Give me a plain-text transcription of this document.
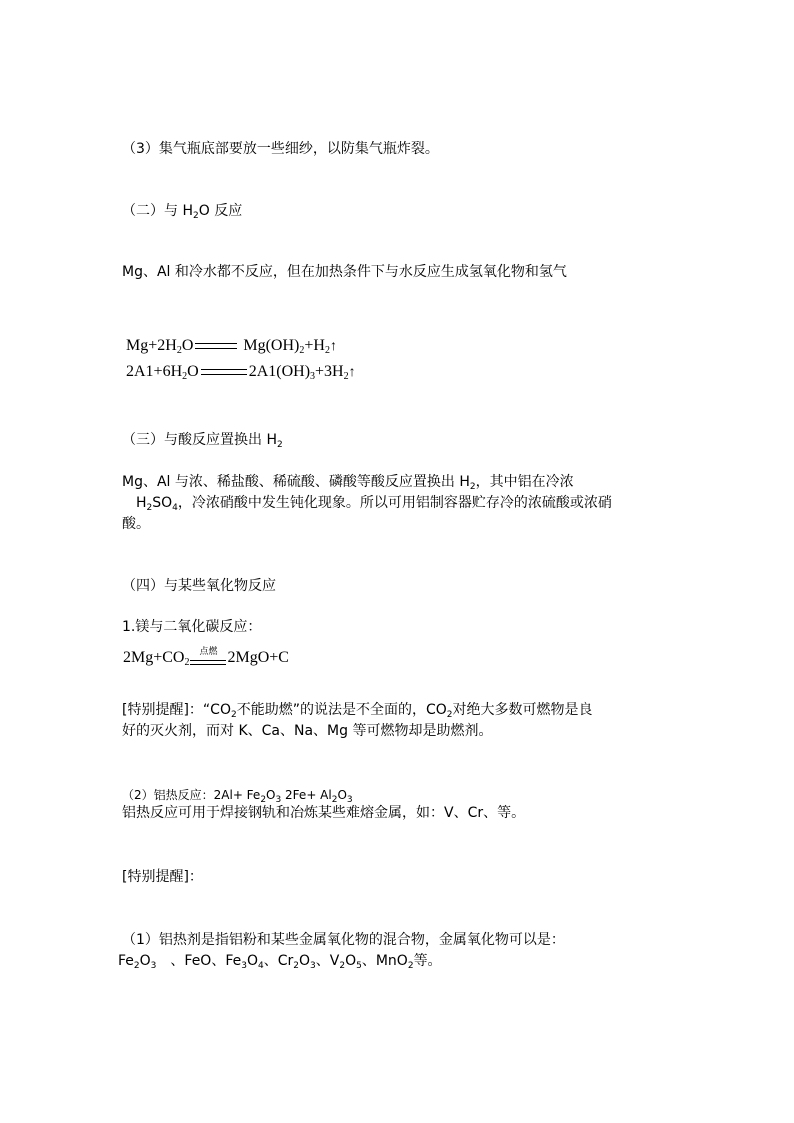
（3）集气瓶底部要放一些细纱，以防集气瓶炸裂。
（二）与 $H_2O$ 反应
Mg、Al 和冷水都不反应，但在加热条件下与水反应生成氢氧化物和氢气
$Mg+2H_2O$	$Mg(OH)_2+H_2↑$
$2A1+6H_2O$	$2A1(OH)_3+3H_2↑$
（三）与酸反应置换出 $H_2$
Mg、Al 与浓、稀盐酸、稀硫酸、磷酸等酸反应置换出 $H_2$，其中铝在冷浓
$H_2SO_4$，冷浓硝酸中发生钝化现象。所以可用铝制容器贮存冷的浓硫酸或浓硝
酸。
（四）与某些氧化物反应
1.镁与二氧化碳反应：
$2Mg+CO_2$
点燃 2MgO+C
[特别提醒]：“$CO_2$不能助燃”的说法是不全面的，$CO_2$对绝大多数可燃物是良
好的灭火剂，而对 K、Ca、Na、Mg 等可燃物却是助燃剂。
（2）铝热反应：$2Al+ Fe_2O_3$ $2Fe+ Al_2O_3$
铝热反应可用于焊接钢轨和冶炼某些难熔金属，如：V、Cr、等。
[特别提醒]：
（1）铝热剂是指铝粉和某些金属氧化物的混合物，金属氧化物可以是：
$Fe_2O_3$　、FeO、$Fe_3O_4$、$Cr_2O_3$、$V_2O_5$、MnO$_2$等。
